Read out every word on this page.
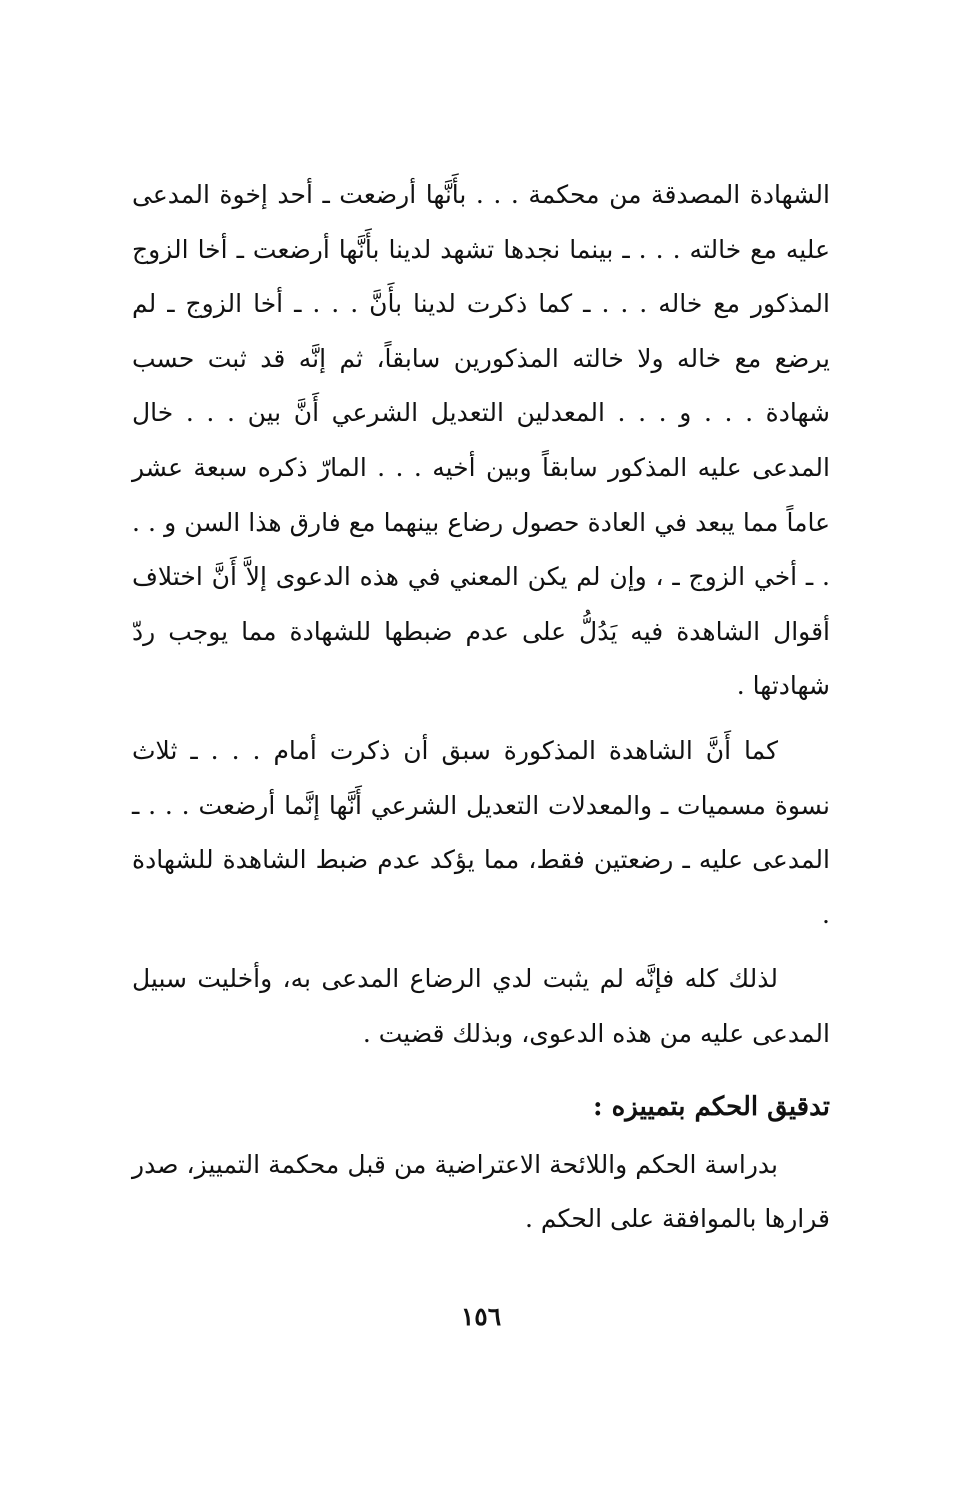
الشهادة المصدقة من محكمة . . . بأَنَّها أرضعت ـ أحد إخوة المدعى عليه مع خالته . . . ـ بينما نجدها تشهد لدينا بأَنَّها أرضعت ـ أخا الزوج المذكور مع خاله . . . ـ كما ذكرت لدينا بأَنَّ . . . ـ أخا الزوج ـ لم يرضع مع خاله ولا خالته المذكورين سابقاً، ثم إنَّه قد ثبت حسب شهادة . . . و . . . المعدلين التعديل الشرعي أَنَّ بين . . . خال المدعى عليه المذكور سابقاً وبين أخيه . . . المارّ ذكره سبعة عشر عاماً مما يبعد في العادة حصول رضاع بينهما مع فارق هذا السن و . . . ـ أخي الزوج ـ ، وإن لم يكن المعني في هذه الدعوى إلاَّ أَنَّ اختلاف أقوال الشاهدة فيه يَدُلُّ على عدم ضبطها للشهادة مما يوجب ردّ شهادتها .

كما أَنَّ الشاهدة المذكورة سبق أن ذكرت أمام . . . ـ ثلاث نسوة مسميات ـ والمعدلات التعديل الشرعي أَنَّها إنَّما أرضعت . . . ـ المدعى عليه ـ رضعتين فقط، مما يؤكد عدم ضبط الشاهدة للشهادة .

لذلك كله فإنَّه لم يثبت لدي الرضاع المدعى به، وأخليت سبيل المدعى عليه من هذه الدعوى، وبذلك قضيت .

تدقيق الحكم بتمييزه :

بدراسة الحكم واللائحة الاعتراضية من قبل محكمة التمييز، صدر قرارها بالموافقة على الحكم .

١٥٦
